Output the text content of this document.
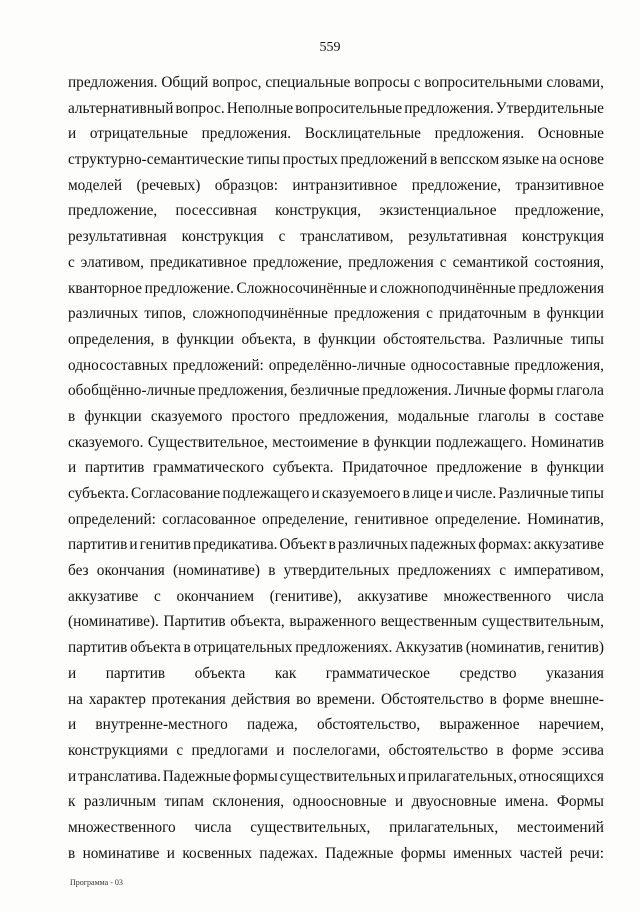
559
предложения. Общий вопрос, специальные вопросы с вопросительными словами,
альтернативный вопрос. Неполные вопросительные предложения. Утвердительные
и отрицательные предложения. Восклицательные предложения. Основные
структурно-семантические типы простых предложений в вепсском языке на основе
моделей (речевых) образцов: интранзитивное предложение, транзитивное
предложение, посессивная конструкция, экзистенциальное предложение,
результативная конструкция с транслативом, результативная конструкция
с элативом, предикативное предложение, предложения с семантикой состояния,
кванторное предложение. Сложносочинённые и сложноподчинённые предложения
различных типов, сложноподчинённые предложения с придаточным в функции
определения, в функции объекта, в функции обстоятельства. Различные типы
односоставных предложений: определённо-личные односоставные предложения,
обобщённо-личные предложения, безличные предложения. Личные формы глагола
в функции сказуемого простого предложения, модальные глаголы в составе
сказуемого. Существительное, местоимение в функции подлежащего. Номинатив
и партитив грамматического субъекта. Придаточное предложение в функции
субъекта. Согласование подлежащего и сказуемоего в лице и числе. Различные типы
определений: согласованное определение, генитивное определение. Номинатив,
партитив и генитив предикатива. Объект в различных падежных формах: аккузативе
без окончания (номинативе) в утвердительных предложениях с императивом,
аккузативе с окончанием (генитиве), аккузативе множественного числа
(номинативе). Партитив объекта, выраженного вещественным существительным,
партитив объекта в отрицательных предложениях. Аккузатив (номинатив, генитив)
и партитив объекта как грамматическое средство указания
на характер протекания действия во времени. Обстоятельство в форме внешне-
и внутренне-местного падежа, обстоятельство, выраженное наречием,
конструкциями с предлогами и послелогами, обстоятельство в форме эссива
и транслатива. Падежные формы существительных и прилагательных, относящихся
к различным типам склонения, одноосновные и двуосновные имена. Формы
множественного числа существительных, прилагательных, местоимений
в номинативе и косвенных падежах. Падежные формы именных частей речи:
Программа - 03
